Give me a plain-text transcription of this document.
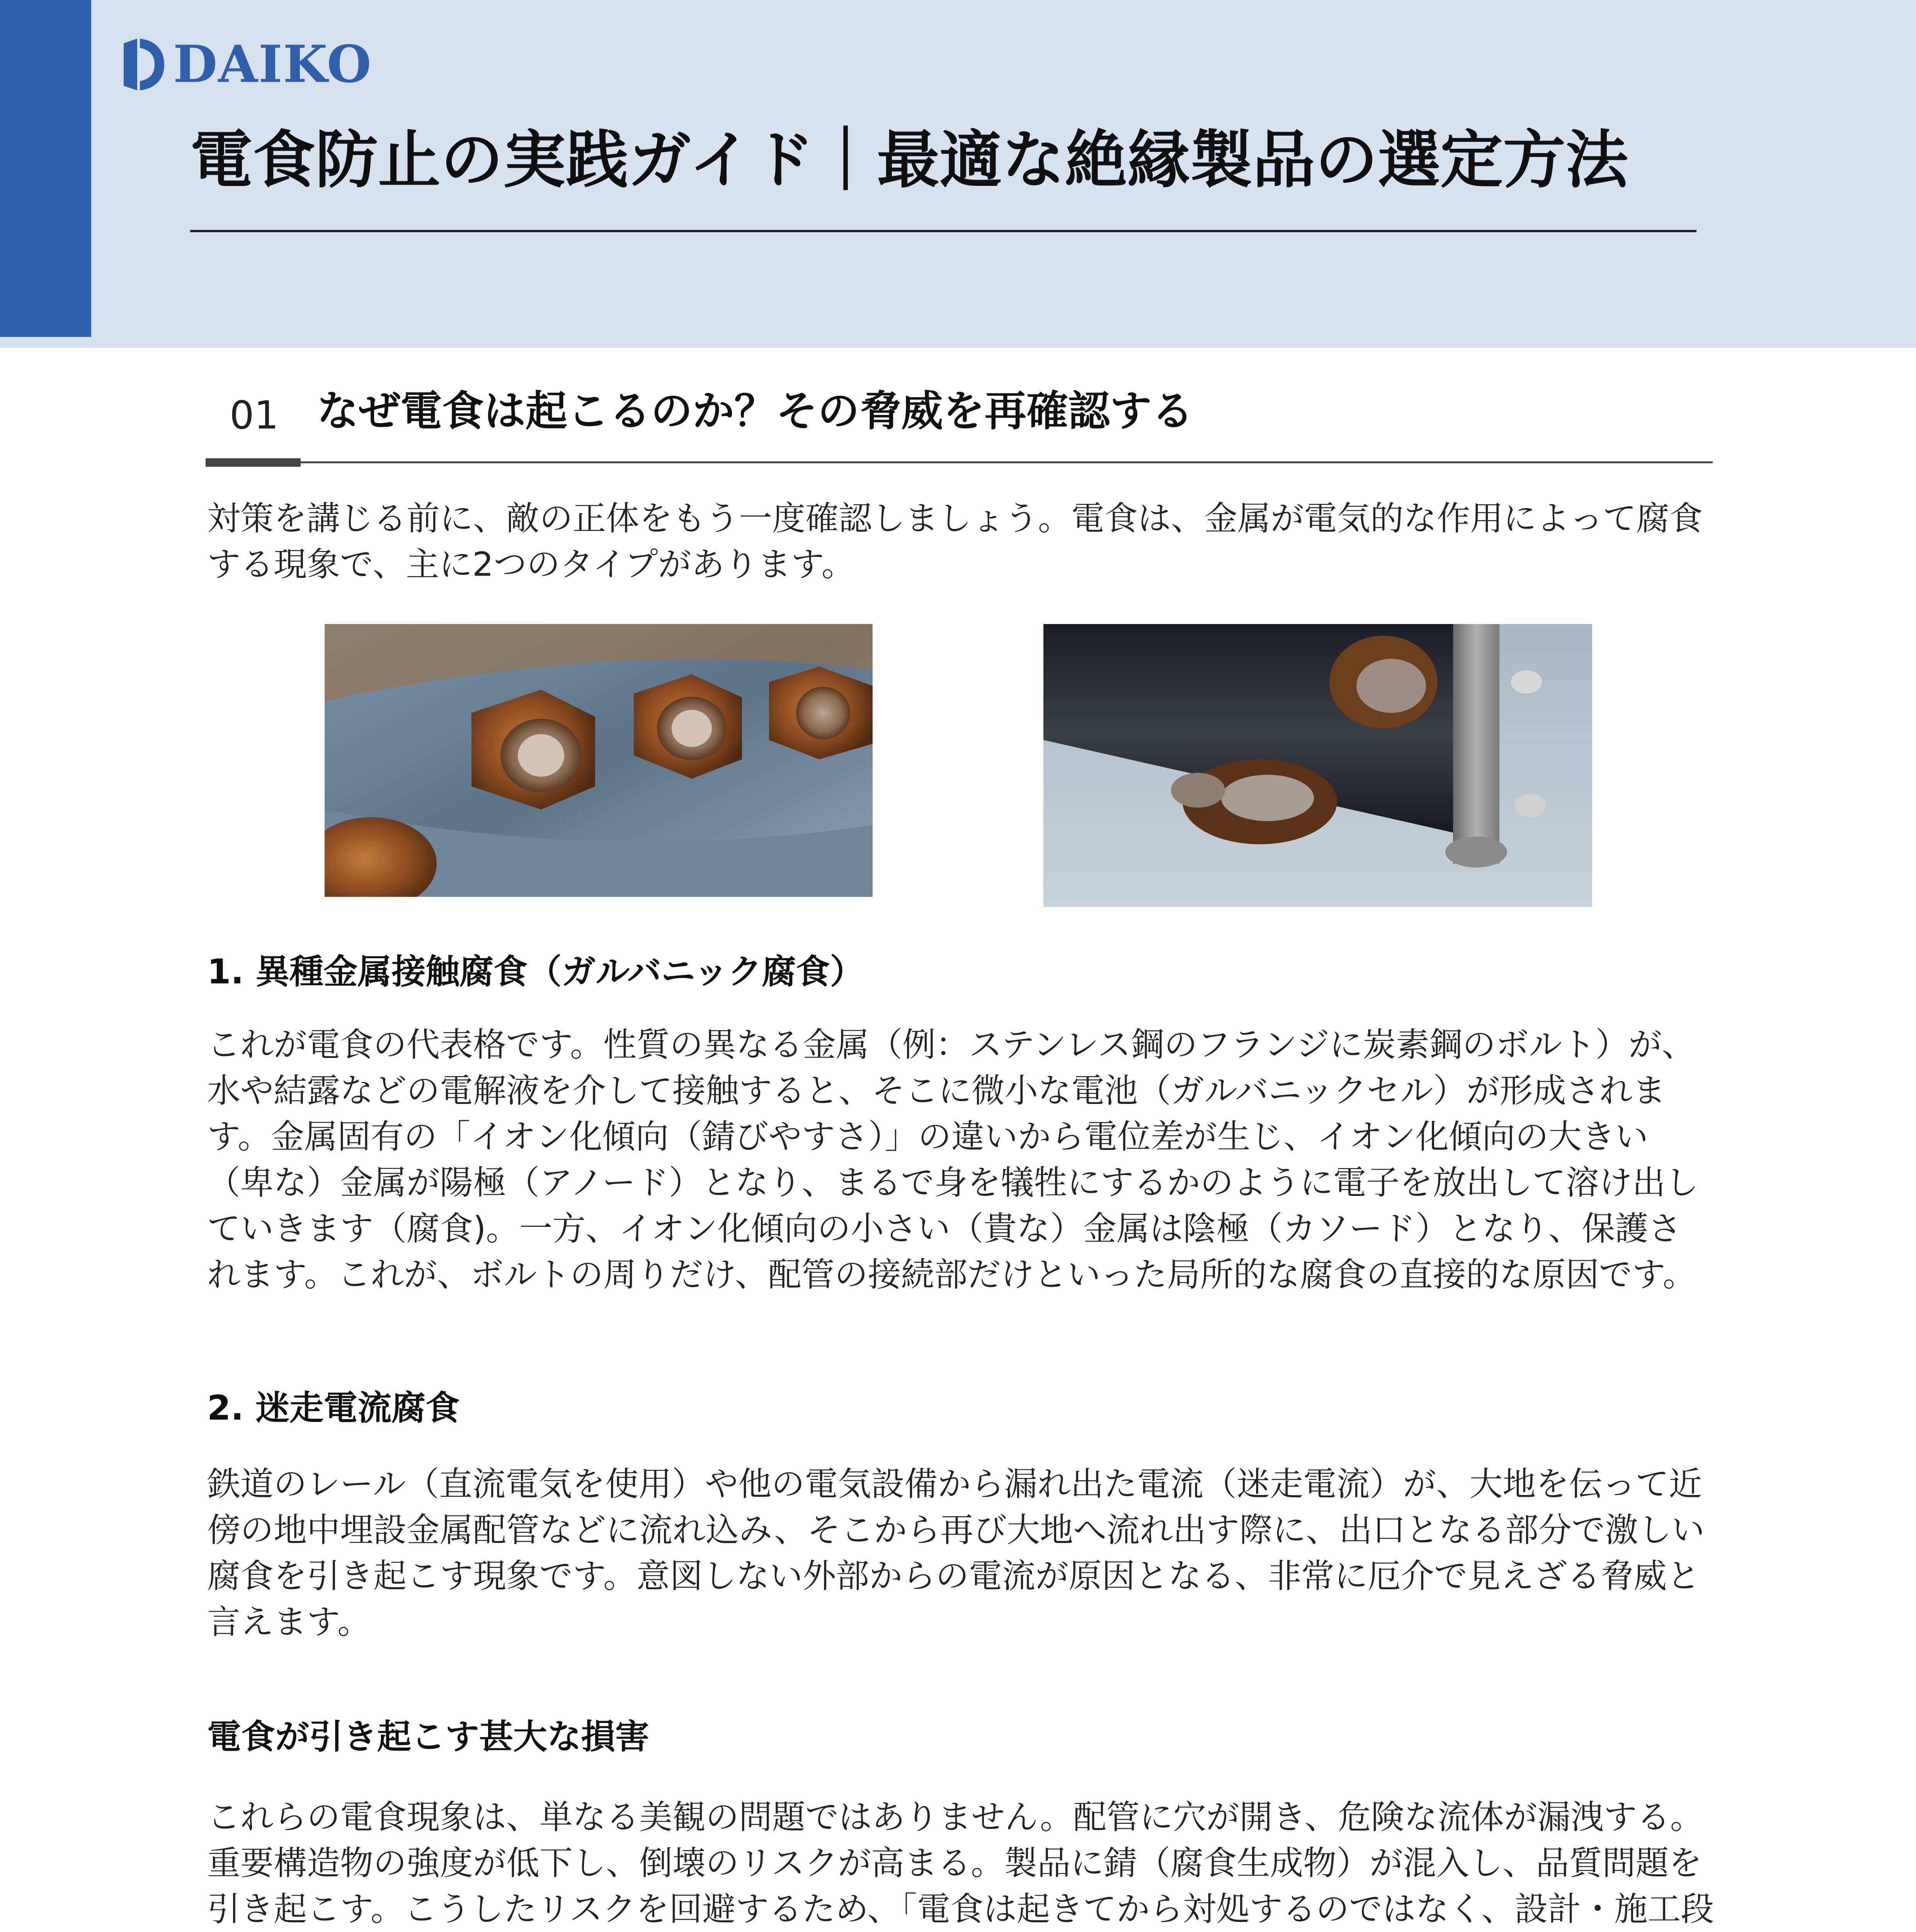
DAIKO
電食防止の実践ガイド｜最適な絶縁製品の選定方法
01 なぜ電食は起こるのか？その脅威を再確認する

対策を講じる前に、敵の正体をもう一度確認しましょう。電食は、金属が電気的な作用によって腐食する現象で、主に2つのタイプがあります。

1. 異種金属接触腐食（ガルバニック腐食）

これが電食の代表格です。性質の異なる金属（例：ステンレス鋼のフランジに炭素鋼のボルト）が、水や結露などの電解液を介して接触すると、そこに微小な電池（ガルバニックセル）が形成されます。金属固有の「イオン化傾向（錆びやすさ）」の違いから電位差が生じ、イオン化傾向の大きい（卑な）金属が陽極（アノード）となり、まるで身を犠牲にするかのように電子を放出して溶け出していきます（腐食)。一方、イオン化傾向の小さい（貴な）金属は陰極（カソード）となり、保護されます。これが、ボルトの周りだけ、配管の接続部だけといった局所的な腐食の直接的な原因です。

2. 迷走電流腐食

鉄道のレール（直流電気を使用）や他の電気設備から漏れ出た電流（迷走電流）が、大地を伝って近傍の地中埋設金属配管などに流れ込み、そこから再び大地へ流れ出す際に、出口となる部分で激しい腐食を引き起こす現象です。意図しない外部からの電流が原因となる、非常に厄介で見えざる脅威と言えます。

電食が引き起こす甚大な損害

これらの電食現象は、単なる美観の問題ではありません。配管に穴が開き、危険な流体が漏洩する。重要構造物の強度が低下し、倒壊のリスクが高まる。製品に錆（腐食生成物）が混入し、品質問題を引き起こす。こうしたリスクを回避するため、「電食は起きてから対処するのではなく、設計・施工段
